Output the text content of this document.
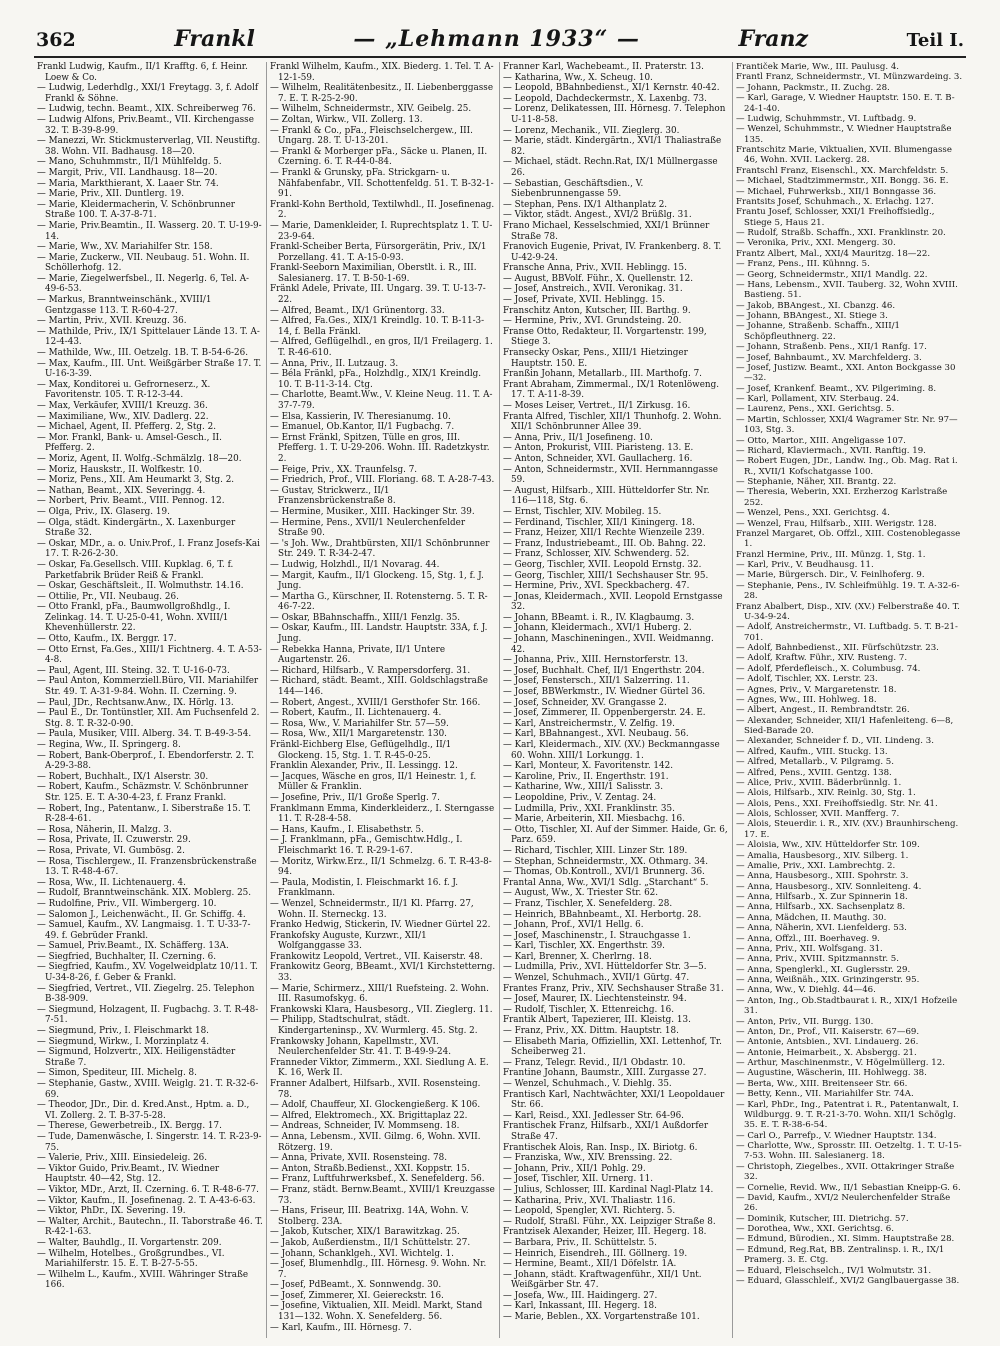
362	Frankl	— „Lehmann 1933“ —	Franz	Teil I.

Frankl Ludwig, Kaufm., II/1 Krafftg. 6, f. Heinr. Loew & Co.

— Ludwig, Lederhdlg., XXI/1 Freytagg. 3, f. Adolf Frankl & Söhne.

— Ludwig, techn. Beamt., XIX. Schreiberweg 76.

— Ludwig Alfons, Priv.Beamt., VII. Kirchengasse 32. T. B-39-8-99.

— Manezzi, Wr. Stickmusterverlag, VII. Neustiftg. 38. Wohn. VII. Badhausg. 18—20.

— Mano, Schuhmmstr., II/1 Mühlfeldg. 5.

— Margit, Priv., VII. Landhausg. 18—20.

— Maria, Markthierant, X. Laaer Str. 74.

— Marie, Priv., XII. Duntlerg. 19.

— Marie, Kleidermacherin, V. Schönbrunner Straße 100. T. A-37-8-71.

— Marie, Priv.Beamtin., II. Wasserg. 20. T. U-19-9-14.

— Marie, Ww., XV. Mariahilfer Str. 158.

— Marie, Zuckerw., VII. Neubaug. 51. Wohn. II. Schöllerhofg. 12.

— Marie, Ziegelwerfsbel., II. Negerlg. 6, Tel. A-49-6-53.

— Markus, Branntweinschänk., XVIII/1 Gentzgasse 113. T. R-60-4-27.

— Martin, Priv., XVII. Kreuzg. 36.

— Mathilde, Priv., IX/1 Spittelauer Lände 13. T. A-12-4-43.

— Mathilde, Ww., III. Oetzelg. 1B. T. B-54-6-26.

— Max, Kaufm., III. Unt. Weißgärber Straße 17. T. U-16-3-39.

— Max, Konditorei u. Gefrorneserz., X. Favoritenstr. 105. T. R-12-3-44.

— Max, Verkäufer, XVIII/1 Kreuzg. 36.

— Maximiliane, Ww., XIV. Dadlerg. 22.

— Michael, Agent, II. Pfefferg. 2, Stg. 2.

— Mor. Frankl, Bank- u. Amsel-Gesch., II. Pfefferg. 2.

— Moriz, Agent, II. Wolfg.-Schmälzlg. 18—20.

— Moriz, Hauskstr., II. Wolfkestr. 10.

— Moriz, Pens., XII. Am Heumarkt 3, Stg. 2.

— Nathan, Beamt., XIX. Severingg. 4.

— Norbert, Priv. Beamt., VIII. Pennog. 12.

— Olga, Priv., IX. Glaserg. 19.

— Olga, städt. Kindergärtn., X. Laxenburger Straße 32.

— Oskar, MDr., a. o. Univ.Prof., I. Franz Josefs-Kai 17. T. R-26-2-30.

— Oskar, Fa.Gesellsch. VIII. Kupklag. 6, T. f. Parketfabrik Brüder Reiß & Frankl.

— Oskar, Geschäftsleit., II. Wolmuthstr. 14.16.

— Ottilie, Pr., VII. Neubaug. 26.

— Otto Frankl, pFa., Baumwollgroßhdlg., I. Zelinkag. 14. T. U-25-0-41, Wohn. XVIII/1 Khevenhüllerstr. 22.

— Otto, Kaufm., IX. Berggr. 17.

— Otto Ernst, Fa.Ges., XIII/1 Fichtnerg. 4. T. A-53-4-8.

— Paul, Agent, III. Steing. 32. T. U-16-0-73.

— Paul Anton, Kommerziell.Büro, VII. Mariahilfer Str. 49. T. A-31-9-84. Wohn. II. Czerning. 9.

— Paul, JDr., Rechtsanw.Anw., IX. Hörlg. 13.

— Paul E., Dr. Tontünstler, XII. Am Fuchsenfeld 2. Stg. 8. T. R-32-0-90.

— Paula, Musiker, VIII. Alberg. 34. T. B-49-3-54.

— Regina, Ww., II. Springerg. 8.

— Robert, Bank-Oberprof., I. Ebendorferstr. 2. T. A-29-3-88.

— Robert, Buchhalt., IX/1 Alserstr. 30.

— Robert, Kaufm., Schäzmstr. V. Schönbrunner Str. 125. E. T. A-30-4-23, f. Franz Frankl.

— Robert, Ing., Patentanw., I. Siberstraße 15. T. R-28-4-61.

— Rosa, Näherin, II. Malzg. 3.

— Rosa, Private, II. Czuwerstr. 29.

— Rosa, Private, VI. Gumbösg. 2.

— Rosa, Tischlergew., II. Franzensbrückenstraße 13. T. R-48-4-67.

— Rosa, Ww., II. Lichtenauerg. 4.

— Rudolf, Branntweinschänk. XIX. Moblerg. 25.

— Rudolfine, Priv., VII. Wimbergerg. 10.

— Salomon J., Leichenwächt., II. Gr. Schiffg. 4.

— Samuel, Kaufm., XV. Langmaisg. 1. T. U-33-7-49. f. Gebrüder Frankl.

— Samuel, Priv.Beamt., IX. Schäfferg. 13A.

— Siegfried, Buchhalter, II. Czerning. 6.

— Siegfried, Kaufm., XV. Vogelweidplatz 10/11. T. U-34-8-26, f. Geber & Frankl.

— Siegfried, Vertret., VII. Ziegelrg. 25. Telephon B-38-909.

— Siegmund, Holzagent, II. Fugbachg. 3. T. R-48-7-51.

— Siegmund, Priv., I. Fleischmarkt 18.

— Siegmund, Wirkw., I. Morzinplatz 4.

— Sigmund, Holzvertr., XIX. Heiligenstädter Straße 7.

— Simon, Spediteur, III. Michelg. 8.

— Stephanie, Gastw., XVIII. Weiglg. 21. T. R-32-6-69.

— Theodor, JDr., Dir. d. Kred.Anst., Hptm. a. D., VI. Zollerg. 2. T. B-37-5-28.

— Therese, Gewerbetreib., IX. Bergg. 17.

— Tude, Damenwäsche, I. Singerstr. 14. T. R-23-9-75.

— Valerie, Priv., XIII. Einsiedeleig. 26.

— Viktor Guido, Priv.Beamt., IV. Wiedner Hauptstr. 40—42, Stg. 12.

— Viktor, MDr., Arzt, II. Czerning. 6. T. R-48-6-77.

— Viktor, Kaufm., II. Josefinenag. 2. T. A-43-6-63.

— Viktor, PhDr., IX. Severing. 19.

— Walter, Archit., Bautechn., II. Taborstraße 46. T. R-42-1-63.

— Walter, Bauhdlg., II. Vorgartenstr. 209.

— Wilhelm, Hotelbes., Großgrundbes., VI. Mariahilferstr. 15. E. T. B-27-5-55.

— Wilhelm L., Kaufm., XVIII. Währinger Straße 166.

Frankl Wilhelm, Kaufm., XIX. Biederg. 1. Tel. T. A-12-1-59.

— Wilhelm, Realitätenbesitz., II. Liebenberggasse 7. E. T. R-25-2-90.

— Wilhelm, Schneidermstr., XIV. Geibelg. 25.

— Zoltan, Wirkw., VII. Zollerg. 13.

— Frankl & Co., pFa., Fleischselchergew., III. Ungarg. 28. T. U-13-201.

— Frankl & Morberger pFa., Säcke u. Planen, II. Czerning. 6. T. R-44-0-84.

— Frankl & Grunsky, pFa. Strickgarn- u. Nähfabenfabr., VII. Schottenfeldg. 51. T. B-32-1-91.

Frankl-Kohn Berthold, Textilwhdl., II. Josefinenag. 2.

— Marie, Damenkleider, I. Ruprechtsplatz 1. T. U-23-9-64.

Frankl-Scheiber Berta, Fürsorgerätin, Priv., IX/1 Porzellang. 41. T. A-15-0-93.

Frankl-Seeborn Maximilian, Oberstlt. i. R., III. Salesianerg. 17. T. B-50-1-69.

Fränkl Adele, Private, III. Ungarg. 39. T. U-13-7-22.

— Alfred, Beamt., IX/1 Grünentorg. 33.

— Alfred, Fa.Ges., XIX/1 Kreindlg. 10. T. B-11-3-14, f. Bella Fränkl.

— Alfred, Geflügelhdl., en gros, II/1 Freilagerg. 1. T. R-46-610.

— Anna, Priv., II. Lutzaug. 3.

— Béla Fränkl, pFa., Holzhdlg., XIX/1 Kreindlg. 10. T. B-11-3-14. Ctg.

— Charlotte, Beamt.Ww., V. Kleine Neug. 11. T. A-37-7-79.

— Elsa, Kassierin, IV. Theresianumg. 10.

— Emanuel, Ob.Kantor, II/1 Fugbachg. 7.

— Ernst Fränkl, Spitzen, Tülle en gros, III. Pfefferg. 1. T. U-29-206. Wohn. III. Radetzkystr. 2.

— Feige, Priv., XX. Traunfelsg. 7.

— Friedrich, Prof., VIII. Floriang. 68. T. A-28-7-43.

— Gustav, Strickwerz., II/1 Franzensbrückenstraße 8.

— Hermine, Musiker., XIII. Hackinger Str. 39.

— Hermine, Pens., XVII/1 Neulerchenfelder Straße 90.

— 's Joh. Ww., Drahtbürsten, XII/1 Schönbrunner Str. 249. T. R-34-2-47.

— Ludwig, Holzhdl., II/1 Novarag. 44.

— Margit, Kaufm., II/1 Glockeng. 15, Stg. 1, f. J. Jung.

— Martha G., Kürschner, II. Rotensterng. 5. T. R-46-7-22.

— Oskar, BBahnschaffn., XIII/1 Fenzlg. 35.

— Oskar, Kaufm., III. Landstr. Hauptstr. 33A, f. J. Jung.

— Rebekka Hanna, Private, II/1 Untere Augartenstr. 26.

— Richard, Hilfsarb., V. Rampersdorferg. 31.

— Richard, städt. Beamt., XIII. Goldschlagstraße 144—146.

— Robert, Angest., XVIII/1 Gersthofer Str. 166.

— Robert, Kaufm., II. Lichtenauerg. 4.

— Rosa, Ww., V. Mariahilfer Str. 57—59.

— Rosa, Ww., XII/1 Margaretenstr. 130.

Fränkl-Eichberg Else, Geflügelhdlg., II/1 Glockeng. 15, Stg. 1. T. R-45-0-25.

Franklin Alexander, Priv., II. Lessingg. 12.

— Jacques, Wäsche en gros, II/1 Heinestr. 1, f. Müller & Franklin.

— Josefine, Priv., II/1 Große Sperlg. 7.

Franklmann Emma, Kinderkleiderz., I. Sterngasse 11. T. R-28-4-58.

— Hans, Kaufm., I. Elisabethstr. 5.

— J. Franklmann, pFa., Gemischtw.Hdlg., I. Fleischmarkt 16. T. R-29-1-67.

— Moritz, Wirkw.Erz., II/1 Schmelzg. 6. T. R-43-8-94.

— Paula, Modistin, I. Fleischmarkt 16. f. J. Franklmann.

— Wenzel, Schneidermstr., II/1 Kl. Pfarrg. 27, Wohn. II. Sterneckg. 13.

Franko Hedwig, Stickerin, IV. Wiedner Gürtel 22.

Frankofsky Auguste, Kurzwr., XII/1 Wolfganggasse 33.

Frankowitz Leopold, Vertret., VII. Kaiserstr. 48.

Frankowitz Georg, BBeamt., XVI/1 Kirchstetterng. 33.

— Marie, Schirmerz., XIII/1 Ruefsteing. 2. Wohn. III. Rasumofskyg. 6.

Frankowski Klara, Hausbesorg., VII. Zieglerg. 11.

— Philipp, Stadtschulrat, städt. Kindergarteninsp., XV. Wurmlerg. 45. Stg. 2.

Frankowsky Johann, Kapellmstr., XVI. Neulerchenfelder Str. 41. T. B-49-9-24.

Franneder Viktor, Zimmerm., XXI. Siedlung A. E. K. 16, Werk II.

Franner Adalbert, Hilfsarb., XVII. Rosensteing. 78.

— Adolf, Chauffeur, XI. Glockengießerg. K 106.

— Alfred, Elektromech., XX. Brigittaplaz 22.

— Andreas, Schneider, IV. Mommseng. 18.

— Anna, Lebensm., XVII. Gilmg. 6, Wohn. XVII. Rötzerg. 19.

— Anna, Private, XVII. Rosensteing. 78.

— Anton, Straßb.Bedienst., XXI. Koppstr. 15.

— Franz, Luftfuhrwerksbef., X. Senefelderg. 56.

— Franz, städt. Bernw.Beamt., XVIII/1 Kreuzgasse 73.

— Hans, Friseur, III. Beatrixg. 14A, Wohn. V. Stolberg. 23A.

— Jakob, Kutscher, XIX/1 Barawitzkag. 25.

— Jakob, Außerdienstm., II/1 Schüttelstr. 27.

— Johann, Schanklgeh., XVI. Wichtelg. 1.

— Josef, Blumenhdlg., III. Hörnesg. 9. Wohn. Nr. 7.

— Josef, PdBeamt., X. Sonnwendg. 30.

— Josef, Zimmerer, XI. Geiereckstr. 16.

— Josefine, Viktualien, XII. Meidl. Markt, Stand 131—132. Wohn. X. Senefelderg. 56.

— Karl, Kaufm., III. Hörnesg. 7.

Franner Karl, Wachebeamt., II. Praterstr. 13.

— Katharina, Ww., X. Scheug. 10.

— Leopold, BBahnbedienst., XI/1 Kernstr. 40-42.

— Leopold, Dachdeckermstr., X. Laxenbg. 73.

— Lorenz, Delikatessen, III. Hörnesg. 7. Telephon U-11-8-58.

— Lorenz, Mechanik., VII. Zieglerg. 30.

— Marie, städt. Kindergärtn., XVI/1 Thaliastraße 82.

— Michael, städt. Rechn.Rat, IX/1 Müllnergasse 26.

— Sebastian, Geschäftsdien., V. Siebenbrunnengasse 59.

— Stephan, Pens. IX/1 Althanplatz 2.

— Viktor, städt. Angest., XVI/2 Brüßlg. 31.

Frano Michael, Kesselschmied, XXI/1 Brünner Straße 78.

Franovich Eugenie, Privat, IV. Frankenberg. 8. T. U-42-9-24.

Fransche Anna, Priv., XVII. Heblingg. 15.

— August, BBVolf. Führ., X. Quellenstr. 12.

— Josef, Anstreich., XVII. Veronikag. 31.

— Josef, Private, XVII. Heblingg. 15.

Franschitz Anton, Kutscher, III. Barthg. 9.

— Hermine, Priv., XVI. Grundsteing. 20.

Franse Otto, Redakteur, II. Vorgartenstr. 199, Stiege 3.

Fransecky Oskar, Pens., XIII/1 Hietzinger Hauptstr. 150. E.

Franßin Johann, Metallarb., III. Marthofg. 7.

Frant Abraham, Zimmermal., IX/1 Rotenlöweng. 17. T. A-11-8-39.

— Moses Leiser, Vertret., II/1 Zirkusg. 16.

Franta Alfred, Tischler, XII/1 Thunhofg. 2. Wohn. XII/1 Schönbrunner Allee 39.

— Anna, Priv., II/1 Josefineng. 10.

— Anton, Prokurist, VIII. Piaristeng. 13. E.

— Anton, Schneider, XVI. Gaullacherg. 16.

— Anton, Schneidermstr., XVII. Hernmanngasse 59.

— August, Hilfsarb., XIII. Hütteldorfer Str. Nr. 116—118, Stg. 6.

— Ernst, Tischler, XIV. Mobileg. 15.

— Ferdinand, Tischler, XII/1 Kiningerg. 18.

— Franz, Heizer, XII/1 Rechte Wienzeile 239.

— Franz, Industriebeamt., III. Ob. Bahng. 22.

— Franz, Schlosser, XIV. Schwenderg. 52.

— Georg, Tischler, XVII. Leopold Ernstg. 32.

— Georg, Tischler, XIII/1 Sechshauser Str. 95.

— Hermine, Priv., XVI. Speckbacherg. 47.

— Jonas, Kleidermach., XVII. Leopold Ernstgasse 32.

— Johann, BBeamt. i. R., IV. Klagbaumg. 3.

— Johann, Kleidermach., XVI/1 Huberg. 2.

— Johann, Maschineningen., XVII. Weidmanng. 42.

— Johanna, Priv., XIII. Hernstorferstr. 13.

— Josef, Buchhalt. Chef, II/1 Engerthstr. 204.

— Josef, Fenstersch., XII/1 Salzerring. 11.

— Josef, BBWerkmstr., IV. Wiedner Gürtel 36.

— Josef, Schneider, XV. Grangasse 2.

— Josef, Zimmerer, II. Oppenbergerstr. 24. E.

— Karl, Anstreichermstr., V. Zelfig. 19.

— Karl, BBahnangest., XVI. Neubaug. 56.

— Karl, Kleidermach., XIV. (XV.) Beckmanngasse 60. Wohn. XIII/1 Lorkungg. 1.

— Karl, Monteur, X. Favoritenstr. 142.

— Karoline, Priv., II. Engerthstr. 191.

— Katharine, Ww., XIII/1 Salisstr. 3.

— Leopoldine, Priv., V. Zentag. 24.

— Ludmilla, Priv., XXI. Franklinstr. 35.

— Marie, Arbeiterin, XII. Miesbachg. 16.

— Otto, Tischler, XI. Auf der Simmer. Haide, Gr. 6, Parz. 659.

— Richard, Tischler, XIII. Linzer Str. 189.

— Stephan, Schneidermstr., XX. Othmarg. 34.

— Thomas, Ob.Kontroll., XVI/1 Brunnerg. 36.

Frantal Anna, Ww., XVI/1 Sdlg. „Starchant“ 5.

— August, Ww., X. Triester Str. 62.

— Franz, Tischler, X. Senefelderg. 28.

— Heinrich, BBahnbeamt., XI. Herbortg. 28.

— Johann, Prof., XVI/1 Hellg. 6.

— Josef, Maschinenstr., I. Strauchgasse 1.

— Karl, Tischler, XX. Engerthstr. 39.

— Karl, Brenner, X. Cherlrng. 18.

— Ludmilla, Priv., XVI. Hütteldorfer Str. 3—5.

— Wenzel, Schuhmach., XVII/1 Gürtg. 47.

Frantes Franz, Priv., XIV. Sechshauser Straße 31.

— Josef, Maurer, IX. Liechtensteinstr. 94.

— Rudolf, Tischler, X. Ettenreichg. 16.

Frantik Albert, Tapezierer, III. Kleistg. 13.

— Franz, Priv., XX. Dittm. Hauptstr. 18.

— Elisabeth Maria, Offiziellin, XXI. Lettenhof, Tr. Scheiberweg 21.

— Franz, Telegr. Revid., II/1 Obdastr. 10.

Frantine Johann, Baumstr., XIII. Zurgasse 27.

— Wenzel, Schuhmach., V. Diehlg. 35.

Frantisch Karl, Nachtwächter, XXI/1 Leopoldauer Str. 66.

— Karl, Reisd., XXI. Jedlesser Str. 64-96.

Frantischek Franz, Hilfsarb., XXI/1 Außdorfer Straße 47.

Frantischek Alois, Ran. Insp., IX. Biriotg. 6.

— Franziska, Ww., XIV. Brenssing. 22.

— Johann, Priv., XII/1 Pohlg. 29.

— Josef, Tischler, XII. Urnerg. 11.

— Julius, Schlosser, III. Kardinal Nagl-Platz 14.

— Katharina, Priv., XVI. Thaliastr. 116.

— Leopold, Spengler, XVI. Richterg. 5.

— Rudolf, Straßl. Führ., XX. Leipziger Straße 8.

Frantzisek Alexander, Heizer, III. Hegerg. 18.

— Barbara, Priv., II. Schüttelstr. 5.

— Heinrich, Eisendreh., III. Göllnerg. 19.

— Hermine, Beamt., XII/1 Döfelstr. 1A.

— Johann, städt. Kraftwagenführ., XII/1 Unt. Weißgärber Str. 47.

— Josefa, Ww., III. Haidingerg. 27.

— Karl, Inkassant, III. Hegerg. 18.

— Marie, Beblen., XX. Vorgartenstraße 101.

Frantiček Marie, Ww., III. Paulusg. 4.

Frantl Franz, Schneidermstr., VI. Münzwardeing. 3.

— Johann, Packmstr., II. Zuchg. 28.

— Karl, Garage, V. Wiedner Hauptstr. 150. E. T. B-24-1-40.

— Ludwig, Schuhmmstr., VI. Luftbadg. 9.

— Wenzel, Schuhmmstr., V. Wiedner Hauptstraße 135.

Frantschitz Marie, Viktualien, XVII. Blumengasse 46, Wohn. XVII. Lackerg. 28.

Frantschl Franz, Eisenschl., XX. Marchfeldstr. 5.

— Michael, Stadtzimmermstr., XII. Bongg. 36. E.

— Michael, Fuhrwerksb., XII/1 Bonngasse 36.

Frantsits Josef, Schuhmach., X. Erlachg. 127.

Frantu Josef, Schlosser, XXI/1 Freihoffsiedlg., Stiege 5, Haus 21.

— Rudolf, Straßb. Schaffn., XXI. Franklinstr. 20.

— Veronika, Priv., XXI. Mengerg. 30.

Frantz Albert, Mal., XXI/4 Mauritzg. 18—22.

— Franz, Pens., III. Kühnng. 5.

— Georg, Schneidermstr., XII/1 Mandlg. 22.

— Hans, Lebensm., XVII. Tauberg. 32, Wohn XVIII. Bastieng. 51.

— Jakob, BBAngest., XI. Cbanzg. 46.

— Johann, BBAngest., XI. Stiege 3.

— Johanne, Straßenb. Schaffn., XIII/1 Schöpfleuthnerg. 22.

— Johann, Straßenb. Pens., XII/1 Ranfg. 17.

— Josef, Bahnbaumt., XV. Marchfelderg. 3.

— Josef, Justizw. Beamt., XXI. Anton Bockgasse 30—32.

— Josef, Krankenf. Beamt., XV. Pilgeriming. 8.

— Karl, Pollament, XIV. Sterbaug. 24.

— Laurenz, Pens., XXI. Gerichtsg. 5.

— Martin, Schlosser, XXI/4 Wagramer Str. Nr. 97—103, Stg. 3.

— Otto, Martor., XIII. Angeligasse 107.

— Richard, Klaviermach., XVII. Ranftig. 19.

— Robert Eugen, JDr., Landw. Ing., Ob. Mag. Rat i. R., XVII/1 Kofschatgasse 100.

— Stephanie, Näher, XII. Brantg. 22.

— Theresia, Weberin, XXI. Erzherzog Karlstraße 252.

— Wenzel, Pens., XXI. Gerichtsg. 4.

— Wenzel, Frau, Hilfsarb., XIII. Werigstr. 128.

Franzel Margaret, Ob. Offzl., XIII. Costenoblegasse 1.

Franzl Hermine, Priv., III. Münzg. 1, Stg. 1.

— Karl, Priv., V. Beudhausg. 11.

— Marie, Bürgersch. Dir., V. Feinlhoferg. 9.

— Stephanie, Pens., IV. Schleifmühlg. 19. T. A-32-6-28.

Franz Abalbert, Disp., XIV. (XV.) Felberstraße 40. T. U-34-9-24.

— Adolf, Anstreichermstr., VI. Luftbadg. 5. T. B-21-701.

— Adolf, Bahnbedienst., XII. Fürfschützstr. 23.

— Adolf, Kraftw. Führ., XIV. Rusteng. 7.

— Adolf, Pferdefleisch., X. Columbusg. 74.

— Adolf, Tischler, XX. Lerstr. 23.

— Agnes, Priv., V. Margaretenstr. 18.

— Agnes, Ww., III. Hohlweg. 18.

— Albert, Angest., II. Rembrandtstr. 26.

— Alexander, Schneider, XII/1 Hafenleiteng. 6—8, Sied-Barade 20.

— Alexander, Schneider f. D., VII. Lindeng. 3.

— Alfred, Kaufm., VIII. Stuckg. 13.

— Alfred, Metallarb., V. Pilgramg. 5.

— Alfred, Pens., XVIII. Gentzg. 138.

— Alice, Priv., XVIII. Bäderbrünnlg. 1.

— Alois, Hilfsarb., XIV. Reinlg. 30, Stg. 1.

— Alois, Pens., XXI. Freihoffsiedlg. Str. Nr. 41.

— Alois, Schlosser, XVII. Manfferg. 7.

— Alois, Steuerdir. i. R., XIV. (XV.) Braunhirscheng. 17. E.

— Aloisia, Ww., XIV. Hütteldorfer Str. 109.

— Amalia, Hausbesorg., XIV. Silberg. 1.

— Amalie, Priv., XXI. Lambrechtg. 2.

— Anna, Hausbesorg., XIII. Spohrstr. 3.

— Anna, Hausbesorg., XIV. Sonnleiteng. 4.

— Anna, Hilfsarb., X. Zur Spinnerin 18.

— Anna, Hilfsarb., XX. Sachsenplatz 8.

— Anna, Mädchen, II. Mauthg. 30.

— Anna, Näherin, XVI. Lienfelderg. 53.

— Anna, Offzl., III. Boerhaveg. 9.

— Anna, Priv., XII. Wolfsgang. 31.

— Anna, Priv., XVIII. Spitzmannstr. 5.

— Anna, Spenglerkl., XI. Guglersstr. 29.

— Anna, Weißnäh., XIX. Grinzingerstr. 95.

— Anna, Ww., V. Diehlg. 44—46.

— Anton, Ing., Ob.Stadtbaurat i. R., XIX/1 Hofzeile 31.

— Anton, Priv., VII. Burgg. 130.

— Anton, Dr., Prof., VII. Kaiserstr. 67—69.

— Antonie, Antsbien., XVI. Lindauerg. 26.

— Antonie, Heimarbeit., X. Absbergg. 21.

— Arthur, Maschinenmstr., V. Högelmüllerg. 12.

— Augustine, Wäscherin, III. Hohlwegg. 38.

— Berta, Ww., XIII. Breitenseer Str. 66.

— Betty, Kenn., VII. Mariahilfer Str. 74A.

— Karl, PhDr., Ing., Patentrat i. R., Patentanwalt, I. Wildburgg. 9. T. R-21-3-70. Wohn. XII/1 Schöglg. 35. E. T. R-38-6-54.

— Carl O., Parrefp., V. Wiedner Hauptstr. 134.

— Charlotte, Ww., Sprosstr. III. Oetzeltg. 1. T. U-15-7-53. Wohn. III. Salesianerg. 18.

— Christoph, Ziegelbes., XVII. Ottakringer Straße 32.

— Cornelie, Revid. Ww., II/1 Sebastian Kneipp-G. 6.

— David, Kaufm., XVI/2 Neulerchenfelder Straße 26.

— Dominik, Kutscher, III. Dietrichg. 57.

— Dorothea, Ww., XXI. Gerichtsg. 6.

— Edmund, Bürodien., XI. Simm. Hauptstraße 28.

— Edmund, Reg.Rat, BB. Zentralinsp. i. R., IX/1 Pramerg. 3. E. Ctg.

— Eduard, Fleischselch., IV/1 Wolmutstr. 31.

— Eduard, Glasschleif., XVI/2 Ganglbauergasse 38.
